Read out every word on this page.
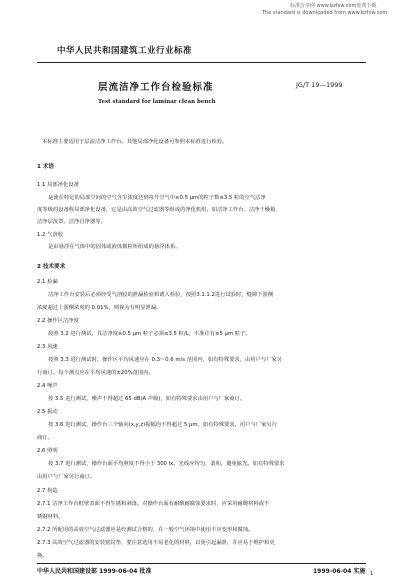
标准分享网 www.bzfxw.com免费下载
The standard is downloaded from www.bzfxw.com
中华人民共和国建筑工业行业标准
层流洁净工作台检验标准	JG/T 19—1999
Test standard for laminar clean bench
本标准主要适用于层流洁净工作台。其他局部净化设备可参照本标准进行检验。
1 术语
1.1 局部净化设备
是使在特定的局部空间的空气含尘浓度达到每升空气中≥0.5 μm的粒子数≤3.5 粒的空气洁净
度等级的设备称局部净化设备，它是由高效空气过滤器等组成的净化机组，如洁净工作台、洁净干燥箱、
洁净层流罩、洁净自净器等。
1.2 气溶胶
是由悬浮在气体中的固体或液体微粒所组成的悬浮体系。
2 技术要求
2.1 检漏
洁净工作台安装后必须经受气溶胶的泄漏检验和诱入检验，按照3.1.1.2进行试验时，缝隙下游侧
浓度超过上游侧浓度的 0.01%，则视为有明显泄漏。
2.2 操作区洁净度
按照 3.2 进行测试，其洁净度≥0.5 μm 粒子必须≤3.5 粒/L，不准许有≥5 μm 粒子。
2.3 风速
按照 3.3 进行测试时，操作区平均风速应在 0.3～0.6 m/s 范围内，如有特殊要求，由用户与厂家另
行商订。每个测点应在平均风速的±20%范围内。
2.4 噪声
按 3.5 进行测试，噪声不得超过 65 dB(A 声级)，如有特殊要求由用户与厂家商订。
2.5 振动
按 3.6 进行测试，操作台三个轴向(x,y,z)振幅均不得超过 5 μm。如有特殊要求，用户与厂家另行
商订。
2.6 照明
按 3.7 进行测试，操作台面平均照度不得小于 300 lx。光线应均匀、柔和，避免眩光。如有特殊要求
由用户与厂家另行商订。
2.7 构造
2.7.1 洁净工作台框壁表面不得生锈和剥落。对操作台面有耐酸耐腐蚀要求时，应采用耐酸材料或不
锈钢材料。
2.7.2 所配用的高效空气过滤器应是经测试合格的，在一般空气环境中使用不应变形和腐蚀。
2.7.3 高效空气过滤器的安装密封垫，要注意选用不易老化的材料，以免引起漏泄，并应易于维护和更
换。
中华人民共和国建设部 1999-06-04 批准	1999-06-04 实施 1
